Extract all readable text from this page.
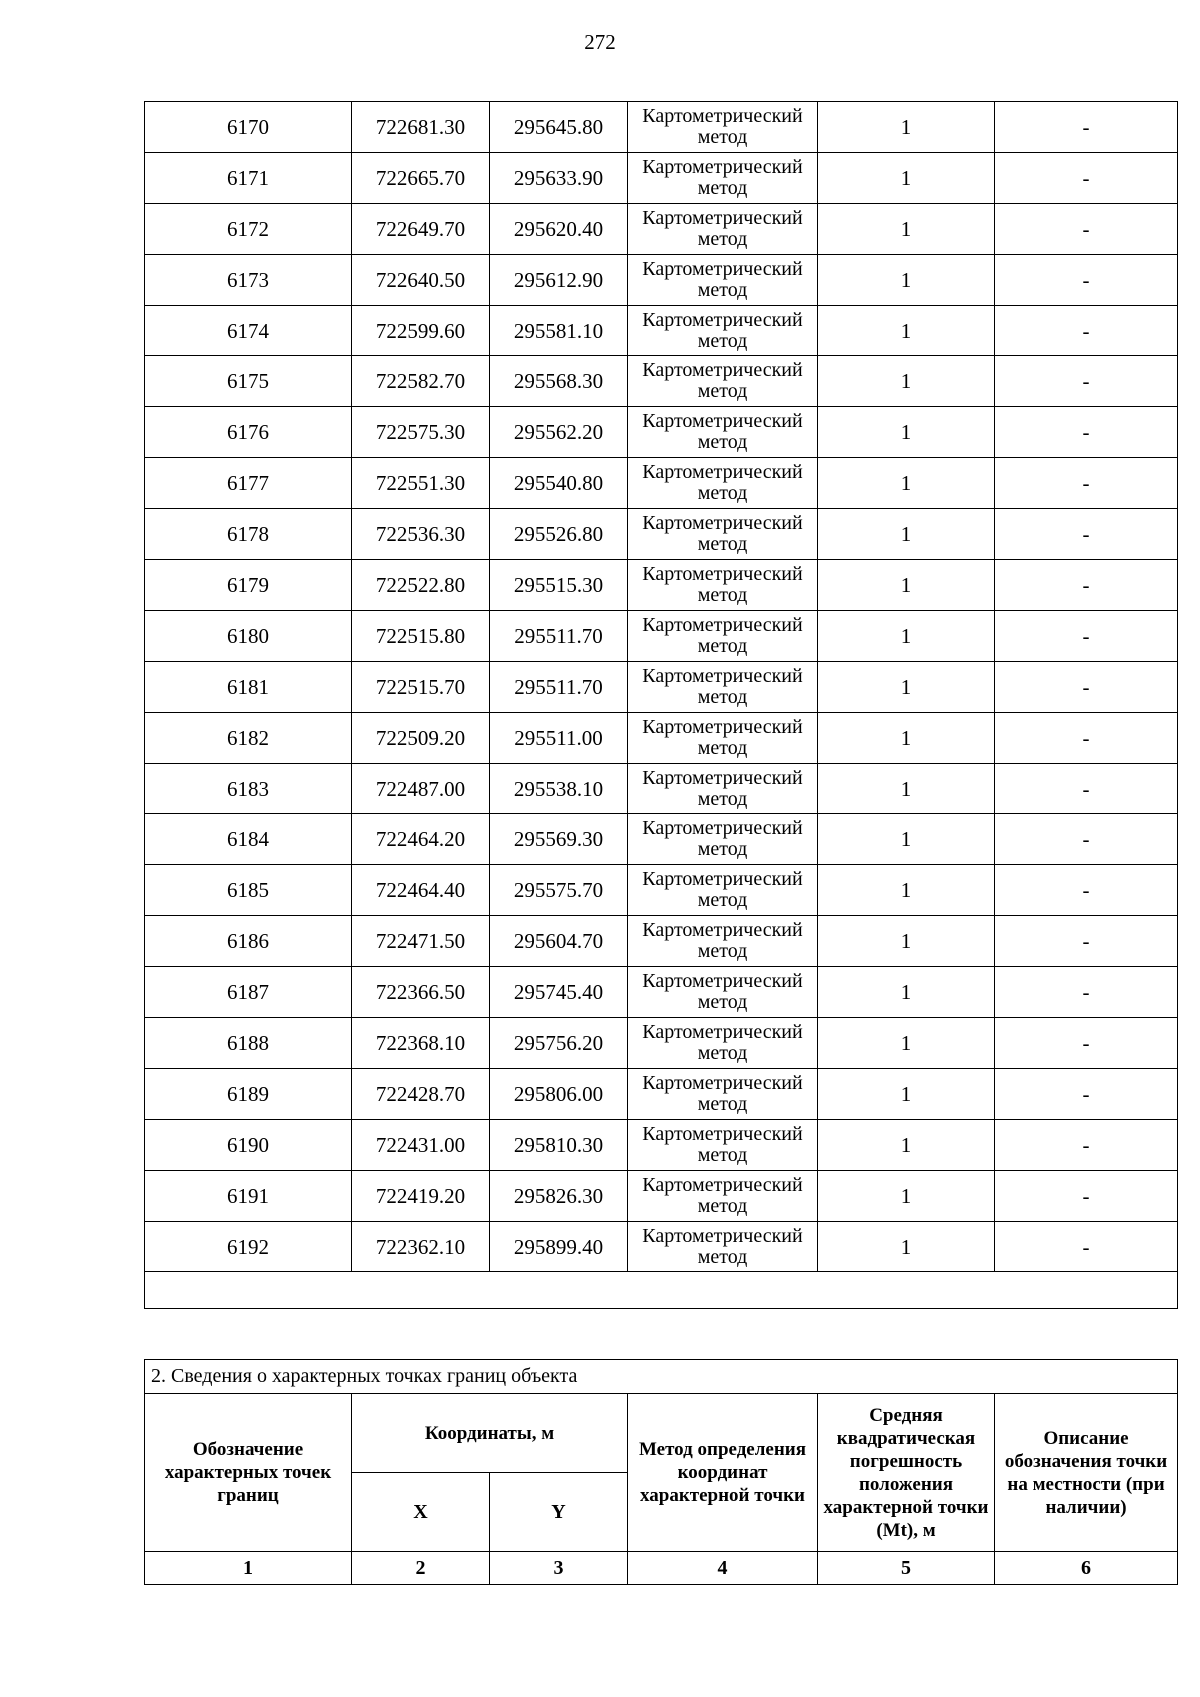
272
6170	722681.30	295645.80	Картометрический метод	1	-
6171	722665.70	295633.90	Картометрический метод	1	-
6172	722649.70	295620.40	Картометрический метод	1	-
6173	722640.50	295612.90	Картометрический метод	1	-
6174	722599.60	295581.10	Картометрический метод	1	-
6175	722582.70	295568.30	Картометрический метод	1	-
6176	722575.30	295562.20	Картометрический метод	1	-
6177	722551.30	295540.80	Картометрический метод	1	-
6178	722536.30	295526.80	Картометрический метод	1	-
6179	722522.80	295515.30	Картометрический метод	1	-
6180	722515.80	295511.70	Картометрический метод	1	-
6181	722515.70	295511.70	Картометрический метод	1	-
6182	722509.20	295511.00	Картометрический метод	1	-
6183	722487.00	295538.10	Картометрический метод	1	-
6184	722464.20	295569.30	Картометрический метод	1	-
6185	722464.40	295575.70	Картометрический метод	1	-
6186	722471.50	295604.70	Картометрический метод	1	-
6187	722366.50	295745.40	Картометрический метод	1	-
6188	722368.10	295756.20	Картометрический метод	1	-
6189	722428.70	295806.00	Картометрический метод	1	-
6190	722431.00	295810.30	Картометрический метод	1	-
6191	722419.20	295826.30	Картометрический метод	1	-
6192	722362.10	295899.40	Картометрический метод	1	-

2. Сведения о характерных точках границ объекта					
Обозначение характерных точек границ	Координаты, м		Метод определения координат характерной точки	Средняя квадратическая погрешность положения характерной точки (Mt), м	Описание обозначения точки на местности (при наличии)
	X	Y			
1	2	3	4	5	6
